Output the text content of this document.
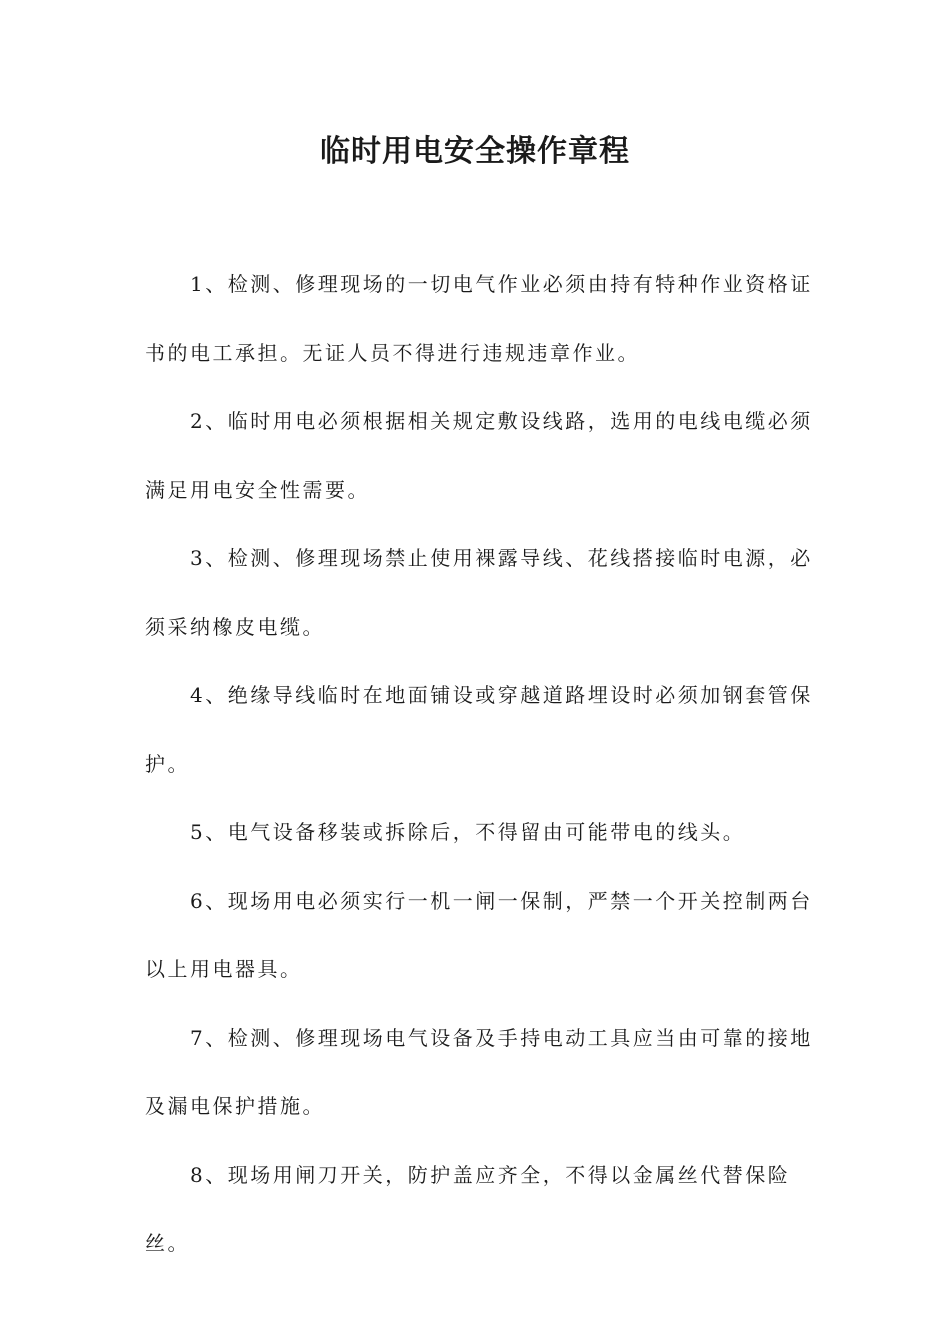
临时用电安全操作章程

1、检测、修理现场的一切电气作业必须由持有特种作业资格证书的电工承担。无证人员不得进行违规违章作业。

2、临时用电必须根据相关规定敷设线路，选用的电线电缆必须满足用电安全性需要。

3、检测、修理现场禁止使用裸露导线、花线搭接临时电源，必须采纳橡皮电缆。

4、绝缘导线临时在地面铺设或穿越道路埋设时必须加钢套管保护。

5、电气设备移装或拆除后，不得留由可能带电的线头。

6、现场用电必须实行一机一闸一保制，严禁一个开关控制两台以上用电器具。

7、检测、修理现场电气设备及手持电动工具应当由可靠的接地及漏电保护措施。

8、现场用闸刀开关，防护盖应齐全，不得以金属丝代替保险丝。
